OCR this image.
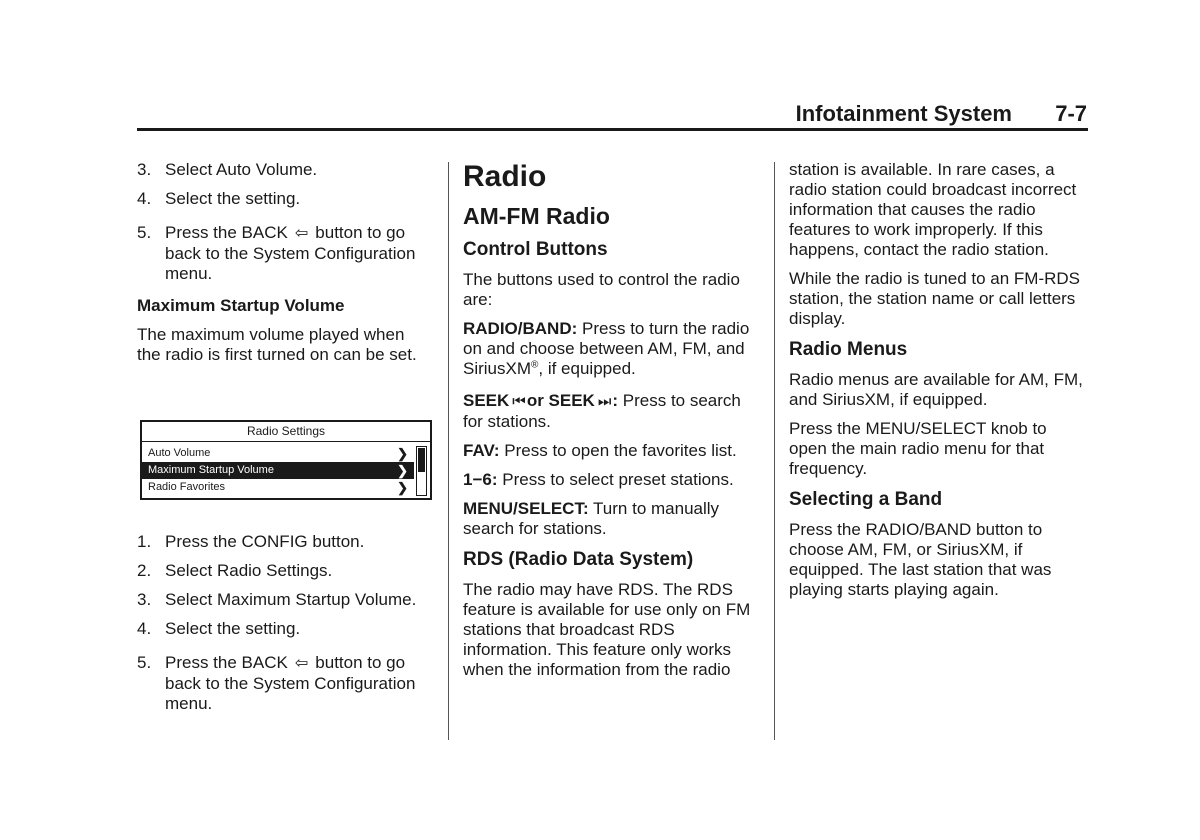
Infotainment System 7-7
3. Select Auto Volume.
4. Select the setting.
5. Press the BACK ⇦ button to go back to the System Configuration menu.
Maximum Startup Volume

The maximum volume played when the radio is first turned on can be set.

Radio Settings
Auto Volume	❯
Maximum Startup Volume	❯
Radio Favorites	❯
1. Press the CONFIG button.
2. Select Radio Settings.
3. Select Maximum Startup Volume.
4. Select the setting.
5. Press the BACK ⇦ button to go back to the System Configuration menu.
Radio
AM-FM Radio
Control Buttons

The buttons used to control the radio are:

RADIO/BAND: Press to turn the radio on and choose between AM, FM, and SiriusXM®, if equipped.

SEEK ⏮ or SEEK ⏭ : Press to search for stations.

FAV: Press to open the favorites list.

1−6: Press to select preset stations.

MENU/SELECT: Turn to manually search for stations.

RDS (Radio Data System)

The radio may have RDS. The RDS feature is available for use only on FM stations that broadcast RDS information. This feature only works when the information from the radio

station is available. In rare cases, a radio station could broadcast incorrect information that causes the radio features to work improperly. If this happens, contact the radio station.

While the radio is tuned to an FM-RDS station, the station name or call letters display.

Radio Menus

Radio menus are available for AM, FM, and SiriusXM, if equipped.

Press the MENU/SELECT knob to open the main radio menu for that frequency.

Selecting a Band

Press the RADIO/BAND button to choose AM, FM, or SiriusXM, if equipped. The last station that was playing starts playing again.
